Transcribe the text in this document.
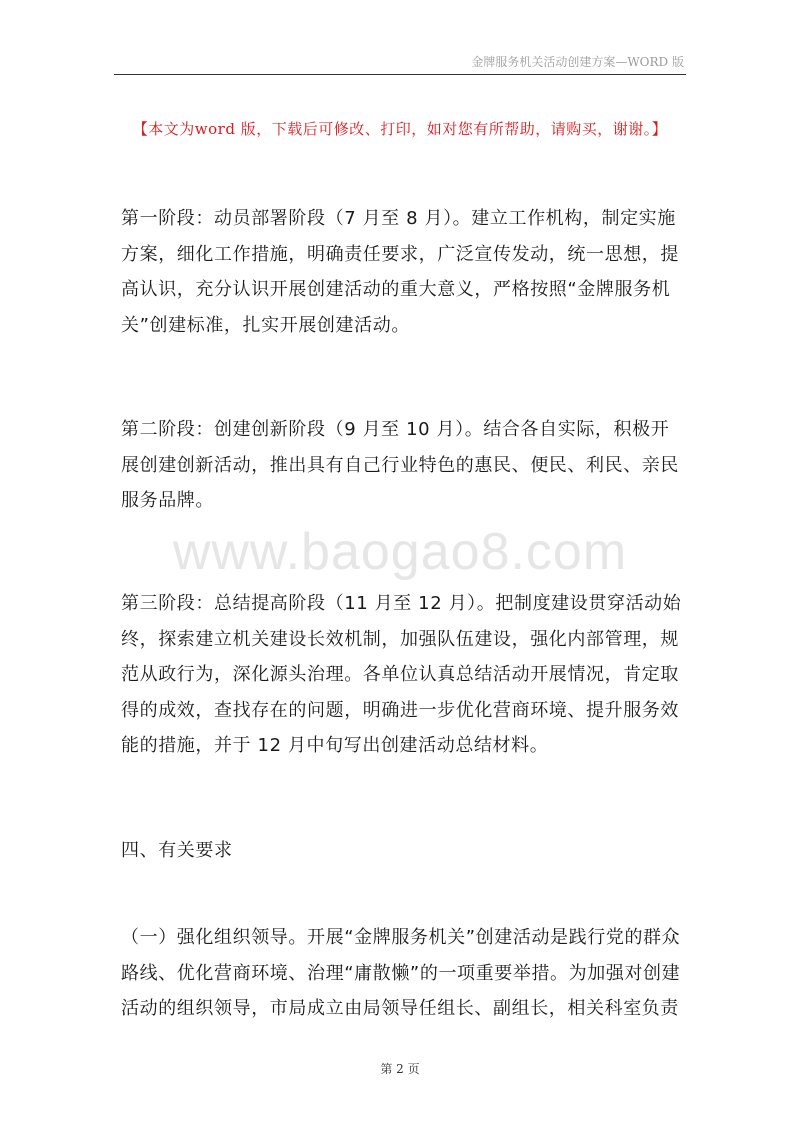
金牌服务机关活动创建方案—WORD 版
【本文为word 版，下载后可修改、打印，如对您有所帮助，请购买，谢谢。】
www.baogao8.com

第一阶段：动员部署阶段（7 月至 8 月）。建立工作机构，制定实施
方案，细化工作措施，明确责任要求，广泛宣传发动，统一思想，提
高认识，充分认识开展创建活动的重大意义，严格按照“金牌服务机
关”创建标准，扎实开展创建活动。

第二阶段：创建创新阶段（9 月至 10 月）。结合各自实际，积极开
展创建创新活动，推出具有自己行业特色的惠民、便民、利民、亲民
服务品牌。

第三阶段：总结提高阶段（11 月至 12 月）。把制度建设贯穿活动始
终，探索建立机关建设长效机制，加强队伍建设，强化内部管理，规
范从政行为，深化源头治理。各单位认真总结活动开展情况，肯定取
得的成效，查找存在的问题，明确进一步优化营商环境、提升服务效
能的措施，并于 12 月中旬写出创建活动总结材料。

四、有关要求

（一）强化组织领导。开展“金牌服务机关”创建活动是践行党的群众
路线、优化营商环境、治理“庸散懒”的一项重要举措。为加强对创建
活动的组织领导，市局成立由局领导任组长、副组长，相关科室负责

第 2 页
